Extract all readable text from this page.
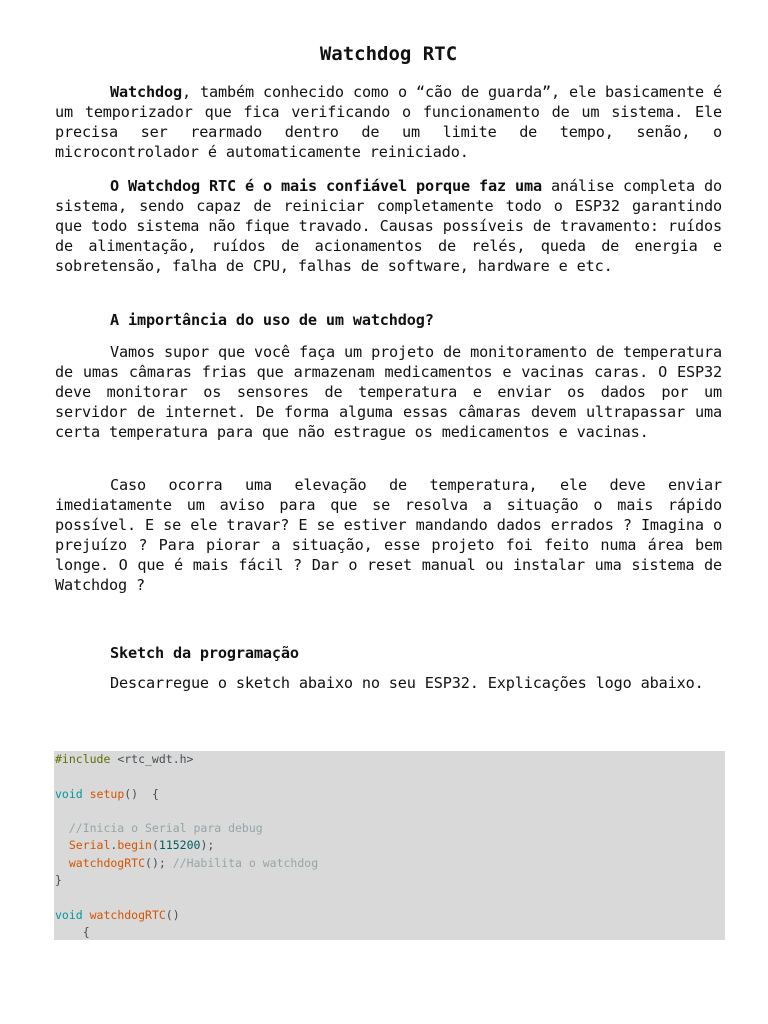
Watchdog RTC

Watchdog, também conhecido como o “cão de guarda”, ele basicamente é um temporizador que fica verificando o funcionamento de um sistema. Ele precisa ser rearmado dentro de um limite de tempo, senão, o microcontrolador é automaticamente reiniciado.

O Watchdog RTC é o mais confiável porque faz uma análise completa do sistema, sendo capaz de reiniciar completamente todo o ESP32 garantindo que todo sistema não fique travado. Causas possíveis de travamento: ruídos de alimentação, ruídos de acionamentos de relés, queda de energia e sobretensão, falha de CPU, falhas de software, hardware e etc.

A importância do uso de um watchdog?

Vamos supor que você faça um projeto de monitoramento de temperatura de umas câmaras frias que armazenam medicamentos e vacinas caras. O ESP32 deve monitorar os sensores de temperatura e enviar os dados por um servidor de internet. De forma alguma essas câmaras devem ultrapassar uma certa temperatura para que não estrague os medicamentos e vacinas.

Caso ocorra uma elevação de temperatura, ele deve enviar imediatamente um aviso para que se resolva a situação o mais rápido possível. E se ele travar? E se estiver mandando dados errados ? Imagina o prejuízo ? Para piorar a situação, esse projeto foi feito numa área bem longe. O que é mais fácil ? Dar o reset manual ou instalar uma sistema de Watchdog ?

Sketch da programação

Descarregue o sketch abaixo no seu ESP32. Explicações logo abaixo.

#include <rtc_wdt.h>
void setup()  {
//Inicia o Serial para debug
Serial.begin(115200);
watchdogRTC(); //Habilita o watchdog
}
void watchdogRTC()
{
